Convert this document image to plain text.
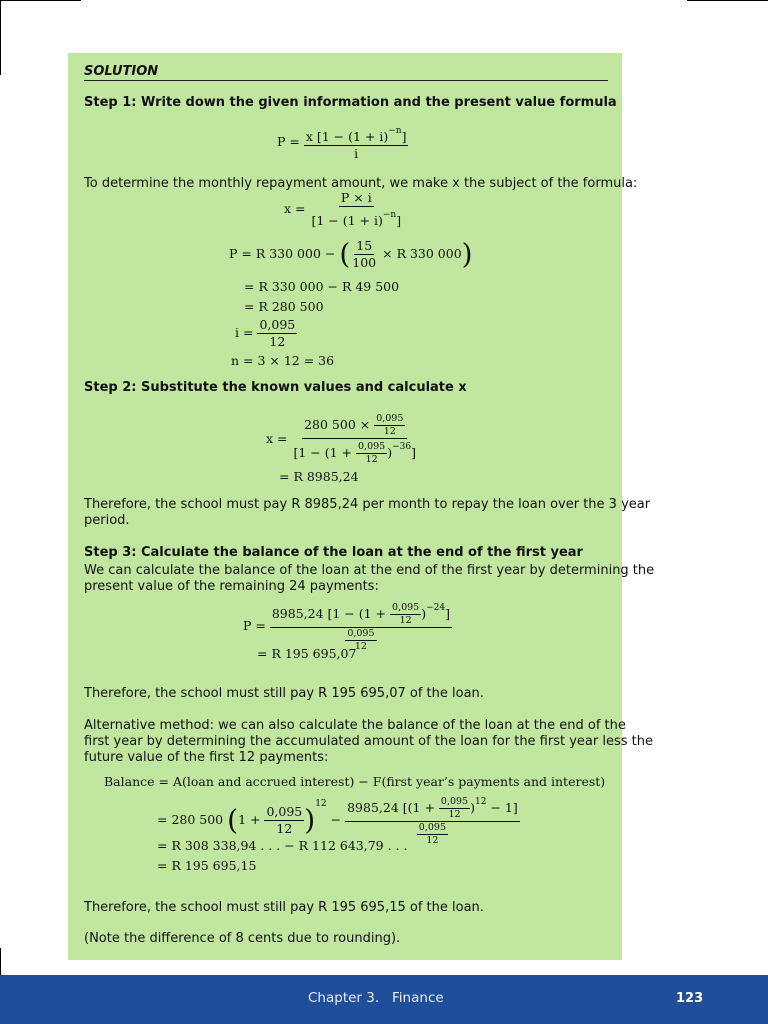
SOLUTION
Step 1: Write down the given information and the present value formula
$P = \frac{x [1 - (1 + i)^{-n}]}{i}$
To determine the monthly repayment amount, we make x the subject of the formula:
$x = \frac{P \times i}{[1 - (1 + i)^{-n}]}$
P = R 330 000 − ( $\frac{15}{100} \times R$ 330 000)
= R 330 000 − R 49 500
= R 280 500
$i = \frac{0,095}{12}$
n = 3 × 12 = 36
Step 2: Substitute the known values and calculate x
$x = \frac{280 500 \times \frac{0,095}{12}}{[1 - (1 + \frac{0,095}{12} )^{-36}]}$
= R 8985,24
Therefore, the school must pay R 8985,24 per month to repay the loan over the 3 year
period.
Step 3: Calculate the balance of the loan at the end of the first year
We can calculate the balance of the loan at the end of the first year by determining the
present value of the remaining 24 payments:
$P = \frac{8985,24 [1 - (1 + \frac{0,095}{12} )^{-24}]}{\frac{0,095}{12}}$
= R 195 695,07
Therefore, the school must still pay R 195 695,07 of the loan.
Alternative method: we can also calculate the balance of the loan at the end of the
first year by determining the accumulated amount of the loan for the first year less the
future value of the first 12 payments:
Balance = A(loan and accrued interest) − F(first year’s payments and interest)
= 280 500 $(1 + \frac{0,095}{12} )^{12} - \frac{8985,24 [(1 + \frac{0,095}{12} )^{12} - 1]}{\frac{0,095}{12}}$
= R 308 338,94 . . . − R 112 643,79 . . .
= R 195 695,15
Therefore, the school must still pay R 195 695,15 of the loan.
(Note the difference of 8 cents due to rounding).
Chapter 3.   Finance	123
